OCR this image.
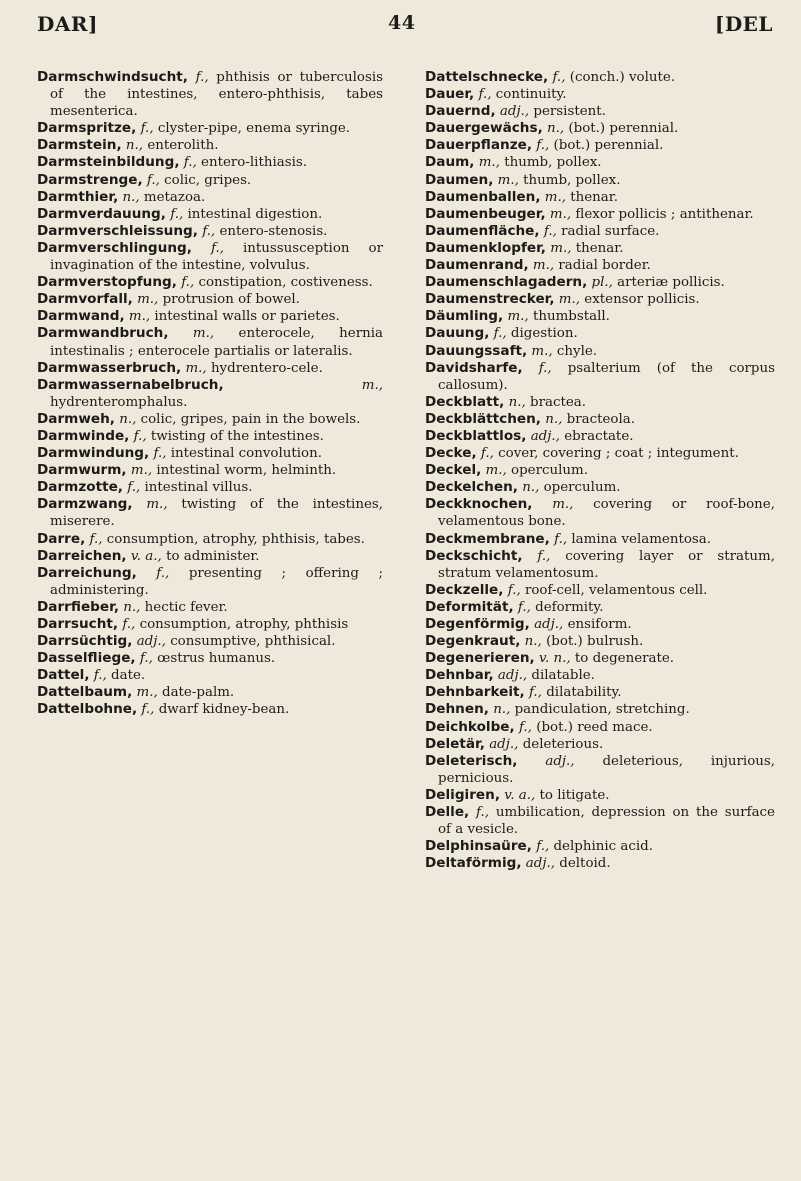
DAR]	44	[DEL

Darmschwindsucht, f., phthisis or tuberculosis of the intestines, entero-phthisis, tabes mesenterica.

Darmspritze, f., clyster-pipe, enema syringe.

Darmstein, n., enterolith.

Darmsteinbildung, f., entero-lithiasis.

Darmstrenge, f., colic, gripes.

Darmthier, n., metazoa.

Darmverdauung, f., intestinal digestion.

Darmverschleissung, f., entero-stenosis.

Darmverschlingung, f., intussusception or invagination of the intestine, volvulus.

Darmverstopfung, f., constipation, costiveness.

Darmvorfall, m., protrusion of bowel.

Darmwand, m., intestinal walls or parietes.

Darmwandbruch, m., enterocele, hernia intestinalis ; enterocele partialis or lateralis.

Darmwasserbruch, m., hydrentero-cele.

Darmwassernabelbruch,	m., hydrenteromphalus.

Darmweh, n., colic, gripes, pain in the bowels.

Darmwinde, f., twisting of the intestines.

Darmwindung, f., intestinal convolution.

Darmwurm, m., intestinal worm, helminth.

Darmzotte, f., intestinal villus.

Darmzwang, m., twisting of the intestines, miserere.

Darre, f., consumption, atrophy, phthisis, tabes.

Darreichen, v. a., to administer.

Darreichung, f., presenting ; offering ; administering.

Darrfieber, n., hectic fever.

Darrsucht, f., consumption, atrophy, phthisis

Darrsüchtig, adj., consumptive, phthisical.

Dasselfliege, f., œstrus humanus.

Dattel, f., date.

Dattelbaum, m., date-palm.

Dattelbohne, f., dwarf kidney-bean.

Dattelschnecke, f., (conch.) volute.

Dauer, f., continuity.

Dauernd, adj., persistent.

Dauergewächs, n., (bot.) perennial.

Dauerpflanze, f., (bot.) perennial.

Daum, m., thumb, pollex.

Daumen, m., thumb, pollex.

Daumenballen, m., thenar.

Daumenbeuger, m., flexor pollicis ; antithenar.

Daumenfläche, f., radial surface.

Daumenklopfer, m., thenar.

Daumenrand, m., radial border.

Daumenschlagadern, pl., arteriæ pollicis.

Daumenstrecker, m., extensor pollicis.

Däumling, m., thumbstall.

Dauung, f., digestion.

Dauungssaft, m., chyle.

Davidsharfe, f., psalterium (of the corpus callosum).

Deckblatt, n., bractea.

Deckblättchen, n., bracteola.

Deckblattlos, adj., ebractate.

Decke, f., cover, covering ; coat ; integument.

Deckel, m., operculum.

Deckelchen, n., operculum.

Deckknochen, m., covering or roof-bone, velamentous bone.

Deckmembrane, f., lamina velamentosa.

Deckschicht, f., covering layer or stratum, stratum velamentosum.

Deckzelle, f., roof-cell, velamentous cell.

Deformität, f., deformity.

Degenförmig, adj., ensiform.

Degenkraut, n., (bot.) bulrush.

Degenerieren, v. n., to degenerate.

Dehnbar, adj., dilatable.

Dehnbarkeit, f., dilatability.

Dehnen, n., pandiculation, stretching.

Deichkolbe, f., (bot.) reed mace.

Deletär, adj., deleterious.

Deleterisch, adj., deleterious, injurious, pernicious.

Deligiren, v. a., to litigate.

Delle, f., umbilication, depression on the surface of a vesicle.

Delphinsaüre, f., delphinic acid.

Deltaförmig, adj., deltoid.
